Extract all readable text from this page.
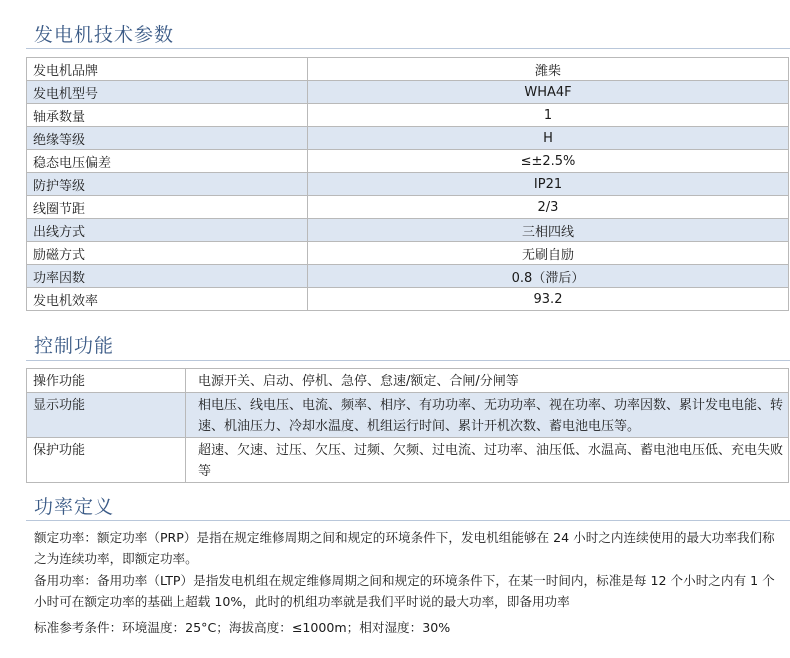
发电机技术参数
发电机品牌	潍柴
发电机型号	WHA4F
轴承数量	1
绝缘等级	H
稳态电压偏差	≤±2.5%
防护等级	IP21
线圈节距	2/3
出线方式	三相四线
励磁方式	无刷自励
功率因数	0.8（滞后）
发电机效率	93.2
控制功能
操作功能	电源开关、启动、停机、急停、怠速/额定、合闸/分闸等
显示功能	相电压、线电压、电流、频率、相序、有功功率、无功功率、视在功率、功率因数、累计发电电能、转速、机油压力、冷却水温度、机组运行时间、累计开机次数、蓄电池电压等。
保护功能	超速、欠速、过压、欠压、过频、欠频、过电流、过功率、油压低、水温高、蓄电池电压低、充电失败等
功率定义
额定功率：额定功率（PRP）是指在规定维修周期之间和规定的环境条件下，发电机组能够在 24 小时之内连续使用的最大功率我们称之为连续功率，即额定功率。
备用功率：备用功率（LTP）是指发电机组在规定维修周期之间和规定的环境条件下，在某一时间内，标准是每 12 个小时之内有 1 个小时可在额定功率的基础上超载 10%，此时的机组功率就是我们平时说的最大功率，即备用功率
标准参考条件：环境温度：25°C；海拔高度：≤1000m；相对湿度：30%
